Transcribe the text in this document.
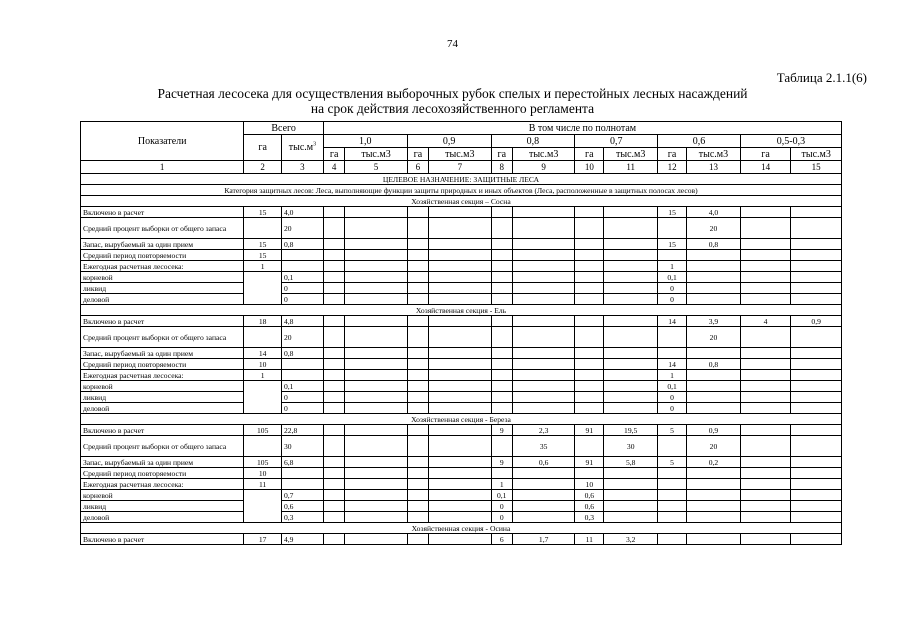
74
Таблица 2.1.1(6)
Расчетная лесосека для осуществления выборочных рубок спелых и перестойных лесных насаждений
на срок действия лесохозяйственного регламента
Показатели	Всего		В том числе по полнотам											
	га	$тыс.м^3$	1,0		0,9		0,8		0,7		0,6		0,5-0,3	
			га	тыс.м3	га	тыс.м3	га	тыс.м3	га	тыс.м3	га	тыс.м3	га	тыс.м3
1	2	3	4	5	6	7	8	9	10	11	12	13	14	15
ЦЕЛЕВОЕ НАЗНАЧЕНИЕ: ЗАЩИТНЫЕ ЛЕСА														
Категория защитных лесов: Леса, выполняющие функции защиты природных и иных объектов (Леса, расположенные в защитных полосах лесов)														
Хозяйственная секция – Сосна														
Включено в расчет	15	4,0									15	4,0		
Средний процент выборки от общего запаса		20										20		
Запас, вырубаемый за один прием	15	0,8									15	0,8		
Средний период повторяемости	15													
Ежегодная расчетная лесосека:	1										1			
корневой		0,1									0,1			
ликвид		0									0			
деловой		0									0			
Хозяйственная секция - Ель														
Включено в расчет	18	4,8									14	3,9	4	0,9
Средний процент выборки от общего запаса		20										20		
Запас, вырубаемый за один прием	14	0,8												
Средний период повторяемости	10										14	0,8		
Ежегодная расчетная лесосека:	1										1			
корневой		0,1									0,1			
ликвид		0									0			
деловой		0									0			
Хозяйственная секция - Береза														
Включено в расчет	105	22,8					9	2,3	91	19,5	5	0,9		
Средний процент выборки от общего запаса		30						35		30		20		
Запас, вырубаемый за один прием	105	6,8					9	0,6	91	5,8	5	0,2		
Средний период повторяемости	10													
Ежегодная расчетная лесосека:	11						1		10					
корневой		0,7					0,1		0,6					
ликвид		0,6					0		0,6					
деловой		0,3					0		0,3					
Хозяйственная секция - Осина														
Включено в расчет	17	4,9					6	1,7	11	3,2				
